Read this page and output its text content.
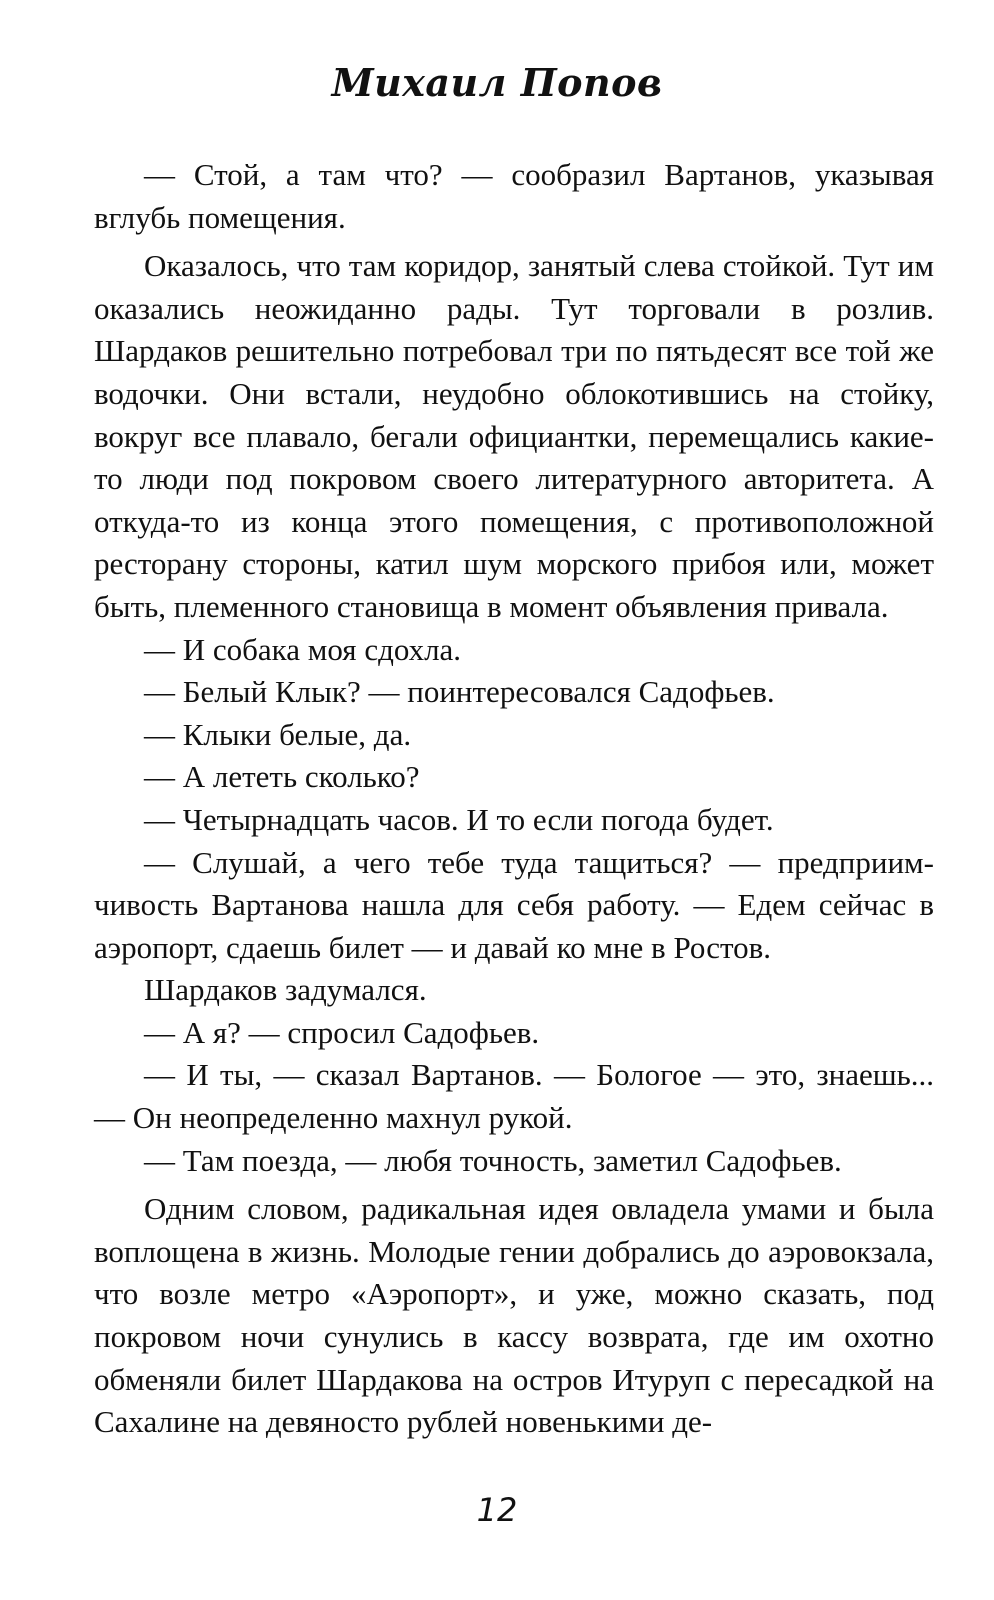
Михаил Попов

— Стой, а там что? — сообразил Вартанов, указывая вглубь помещения.

Оказалось, что там коридор, занятый слева стойкой. Тут им оказались неожиданно рады. Тут торговали в розлив. Шардаков решительно потребовал три по пятьдесят все той же водочки. Они встали, неудобно облокотившись на стойку, вокруг все плавало, бегали официантки, перемещались какие-то люди под покровом своего литературного авторитета. А откуда-то из конца этого помещения, с противоположной ресторану стороны, катил шум морского прибоя или, может быть, племенного становища в момент объявления привала.

— И собака моя сдохла.

— Белый Клык? — поинтересовался Садофьев.

— Клыки белые, да.

— А лететь сколько?

— Четырнадцать часов. И то если погода будет.

— Слушай, а чего тебе туда тащиться? — предприимчивость Вартанова нашла для себя работу. — Едем сейчас в аэропорт, сдаешь билет — и давай ко мне в Ростов.

Шардаков задумался.

— А я? — спросил Садофьев.

— И ты, — сказал Вартанов. — Бологое — это, знаешь... — Он неопределенно махнул рукой.

— Там поезда, — любя точность, заметил Садофьев.

Одним словом, радикальная идея овладела умами и была воплощена в жизнь. Молодые гении добрались до аэровокзала, что возле метро «Аэропорт», и уже, можно сказать, под покровом ночи сунулись в кассу возврата, где им охотно обменяли билет Шардакова на остров Итуруп с пересадкой на Сахалине на девяносто рублей новенькими де-

12
